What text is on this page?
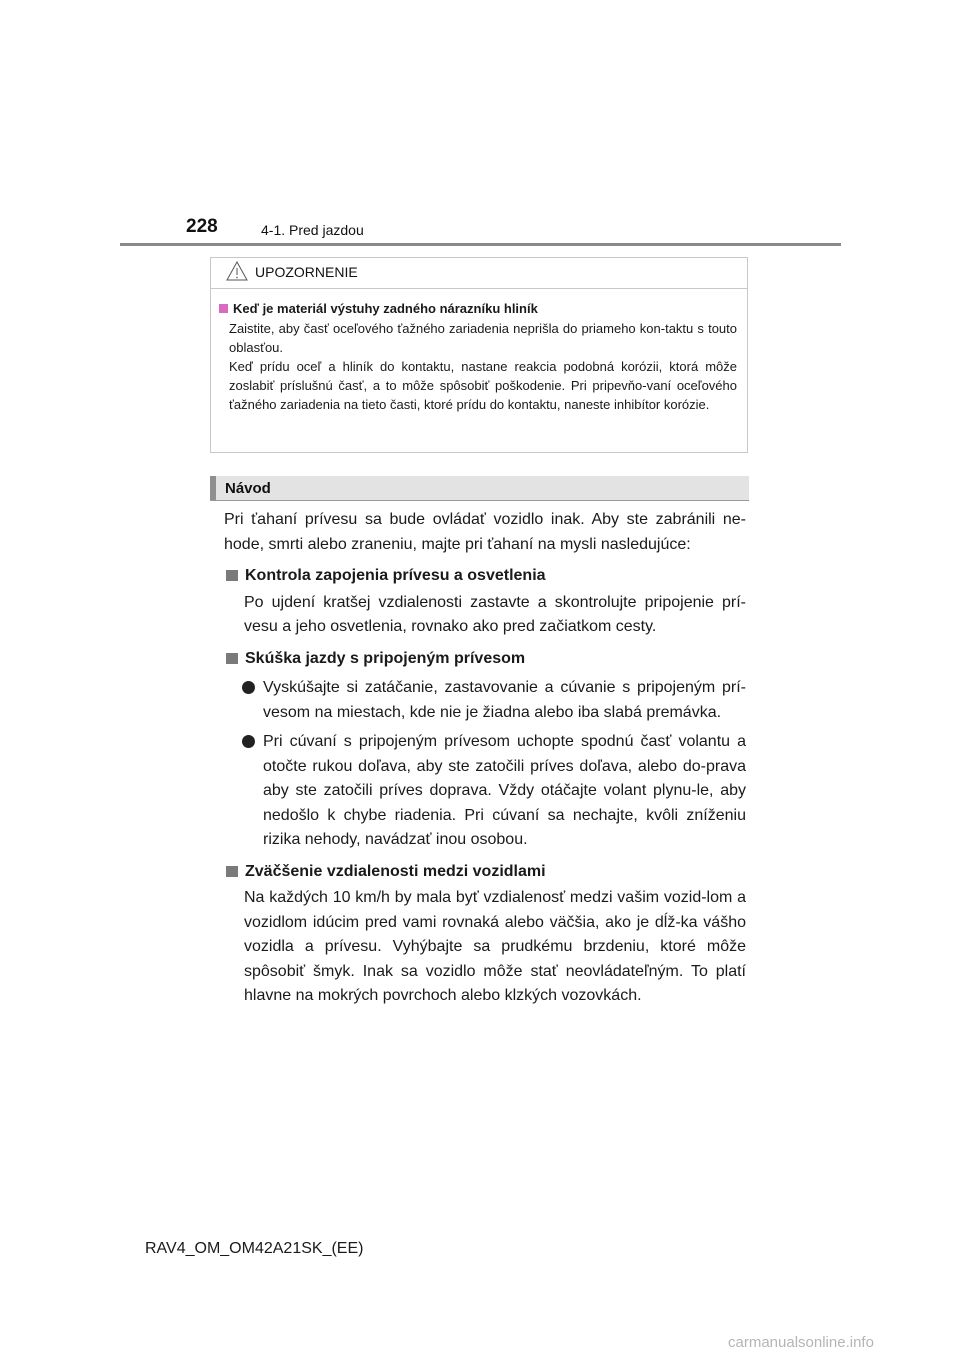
228	4-1. Pred jazdou
UPOZORNENIE
Keď je materiál výstuhy zadného nárazníku hliník

Zaistite, aby časť oceľového ťažného zariadenia neprišla do priameho kon-taktu s touto oblasťou.

Keď prídu oceľ a hliník do kontaktu, nastane reakcia podobná korózii, ktorá môže zoslabiť príslušnú časť, a to môže spôsobiť poškodenie. Pri pripevňo-vaní oceľového ťažného zariadenia na tieto časti, ktoré prídu do kontaktu, naneste inhibítor korózie.

Návod

Pri ťahaní prívesu sa bude ovládať vozidlo inak. Aby ste zabránili ne-hode, smrti alebo zraneniu, majte pri ťahaní na mysli nasledujúce:

Kontrola zapojenia prívesu a osvetlenia

Po ujdení kratšej vzdialenosti zastavte a skontrolujte pripojenie prí-vesu a jeho osvetlenia, rovnako ako pred začiatkom cesty.

Skúška jazdy s pripojeným prívesom

Vyskúšajte si zatáčanie, zastavovanie a cúvanie s pripojeným prí-vesom na miestach, kde nie je žiadna alebo iba slabá premávka.

Pri cúvaní s pripojeným prívesom uchopte spodnú časť volantu a otočte rukou doľava, aby ste zatočili príves doľava, alebo do-prava aby ste zatočili príves doprava. Vždy otáčajte volant plynu-le, aby nedošlo k chybe riadenia. Pri cúvaní sa nechajte, kvôli zníženiu rizika nehody, navádzať inou osobou.

Zväčšenie vzdialenosti medzi vozidlami

Na každých 10 km/h by mala byť vzdialenosť medzi vašim vozid-lom a vozidlom idúcim pred vami rovnaká alebo väčšia, ako je dĺž-ka vášho vozidla a prívesu. Vyhýbajte sa prudkému brzdeniu, ktoré môže spôsobiť šmyk. Inak sa vozidlo môže stať neovládateľným. To platí hlavne na mokrých povrchoch alebo klzkých vozovkách.

RAV4_OM_OM42A21SK_(EE)
carmanualsonline.info
